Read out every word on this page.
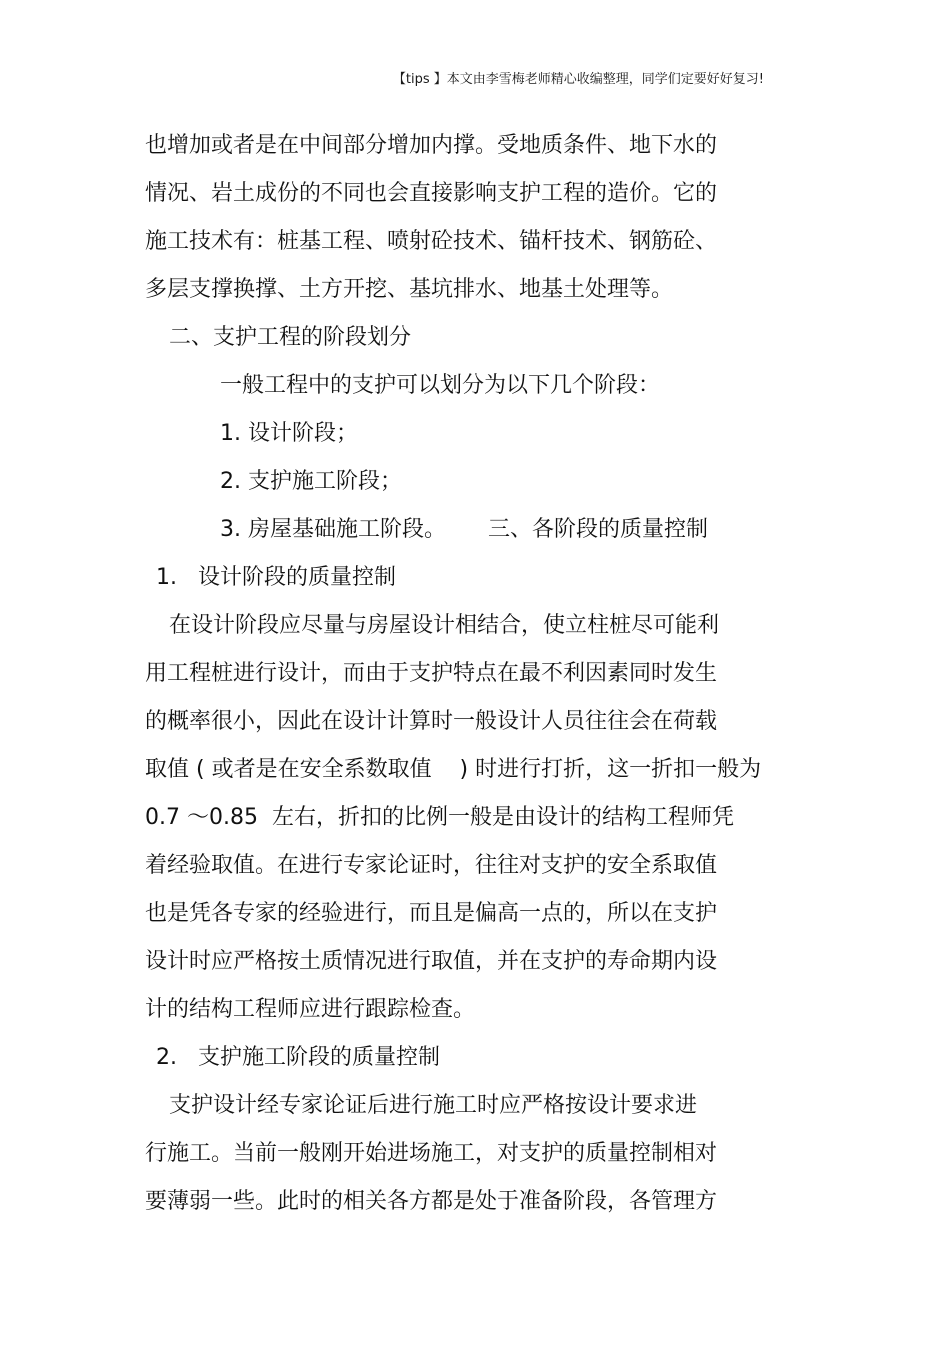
【tips 】本文由李雪梅老师精心收编整理，同学们定要好好复习!
也增加或者是在中间部分增加内撑。受地质条件、地下水的
情况、岩土成份的不同也会直接影响支护工程的造价。它的
施工技术有：桩基工程、喷射砼技术、锚杆技术、钢筋砼、
多层支撑换撑、土方开挖、基坑排水、地基土处理等。
二、支护工程的阶段划分
一般工程中的支护可以划分为以下几个阶段：
1. 设计阶段；
2. 支护施工阶段；
3. 房屋基础施工阶段。      三、各阶段的质量控制
1.   设计阶段的质量控制
在设计阶段应尽量与房屋设计相结合，使立柱桩尽可能利
用工程桩进行设计，而由于支护特点在最不利因素同时发生
的概率很小，因此在设计计算时一般设计人员往往会在荷载
取值 ( 或者是在安全系数取值    ) 时进行打折，这一折扣一般为
0.7 ～0.85  左右，折扣的比例一般是由设计的结构工程师凭
着经验取值。在进行专家论证时，往往对支护的安全系取值
也是凭各专家的经验进行，而且是偏高一点的，所以在支护
设计时应严格按土质情况进行取值，并在支护的寿命期内设
计的结构工程师应进行跟踪检查。
2.   支护施工阶段的质量控制
支护设计经专家论证后进行施工时应严格按设计要求进
行施工。当前一般刚开始进场施工，对支护的质量控制相对
要薄弱一些。此时的相关各方都是处于准备阶段，各管理方
